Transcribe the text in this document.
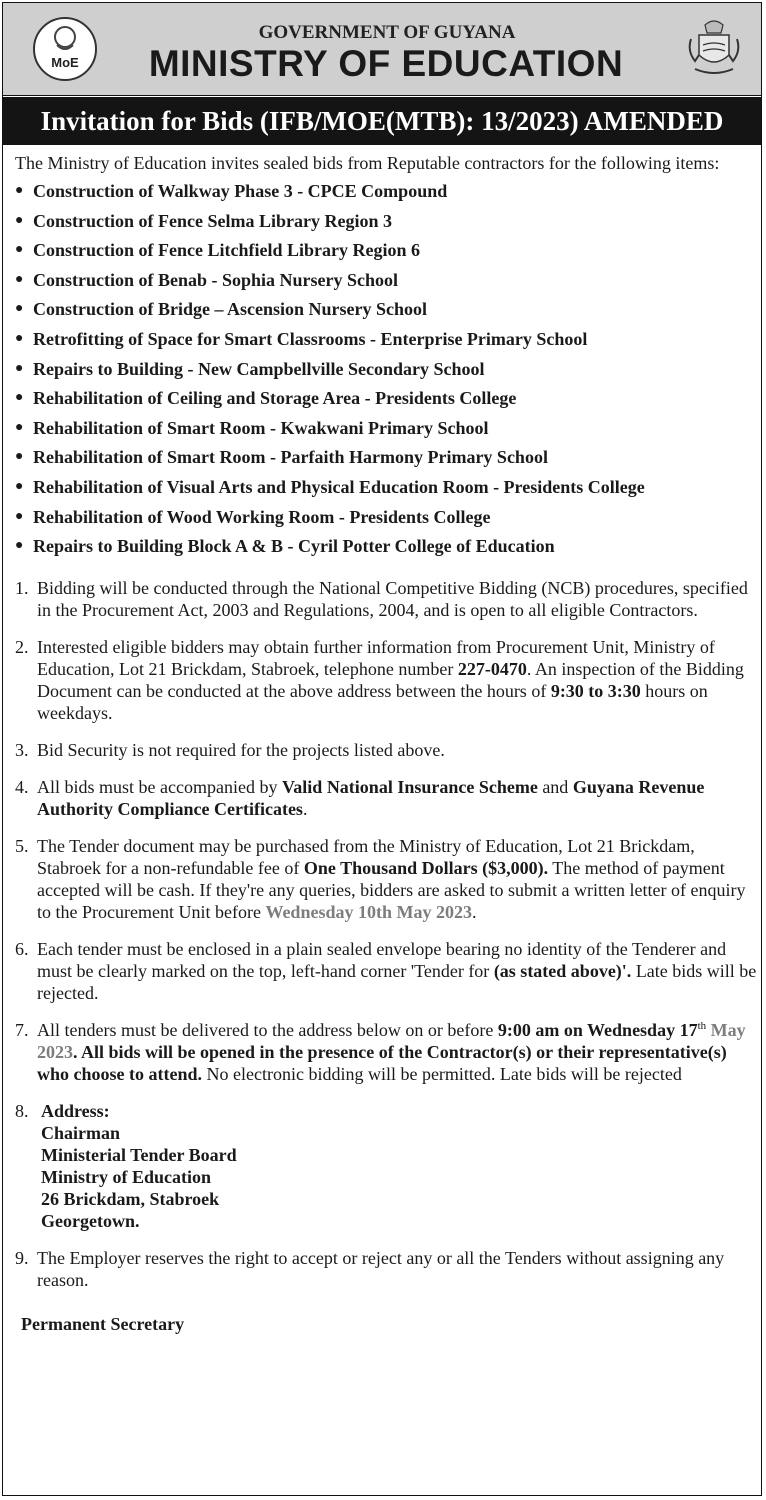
MoE
GOVERNMENT OF GUYANA
MINISTRY OF EDUCATION
Invitation for Bids (IFB/MOE(MTB): 13/2023) AMENDED

The Ministry of Education invites sealed bids from Reputable contractors for the following items:

● Construction of Walkway Phase 3 - CPCE Compound
● Construction of Fence Selma Library Region 3
● Construction of Fence Litchfield Library Region 6
● Construction of Benab - Sophia Nursery School
● Construction of Bridge – Ascension Nursery School
● Retrofitting of Space for Smart Classrooms - Enterprise Primary School
● Repairs to Building - New Campbellville Secondary School
● Rehabilitation of Ceiling and Storage Area - Presidents College
● Rehabilitation of Smart Room - Kwakwani Primary School
● Rehabilitation of Smart Room - Parfaith Harmony Primary School
● Rehabilitation of Visual Arts and Physical Education Room - Presidents College
● Rehabilitation of Wood Working Room - Presidents College
● Repairs to Building Block A & B - Cyril Potter College of Education
1. Bidding will be conducted through the National Competitive Bidding (NCB) procedures, specified in the Procurement Act, 2003 and Regulations, 2004, and is open to all eligible Contractors.
2. Interested eligible bidders may obtain further information from Procurement Unit, Ministry of Education, Lot 21 Brickdam, Stabroek, telephone number 227-0470. An inspection of the Bidding Document can be conducted at the above address between the hours of 9:30 to 3:30 hours on weekdays.
3. Bid Security is not required for the projects listed above.
4. All bids must be accompanied by Valid National Insurance Scheme and Guyana Revenue Authority Compliance Certificates.
5. The Tender document may be purchased from the Ministry of Education, Lot 21 Brickdam, Stabroek for a non-refundable fee of One Thousand Dollars ($3,000). The method of payment accepted will be cash. If they're any queries, bidders are asked to submit a written letter of enquiry to the Procurement Unit before Wednesday 10th May 2023.
6. Each tender must be enclosed in a plain sealed envelope bearing no identity of the Tenderer and must be clearly marked on the top, left-hand corner 'Tender for (as stated above)'. Late bids will be rejected.
7. All tenders must be delivered to the address below on or before 9:00 am on Wednesday 17th May 2023. All bids will be opened in the presence of the Contractor(s) or their representative(s) who choose to attend. No electronic bidding will be permitted. Late bids will be rejected
8. Address:
Chairman
Ministerial Tender Board
Ministry of Education
26 Brickdam, Stabroek
Georgetown.
9. The Employer reserves the right to accept or reject any or all the Tenders without assigning any reason.
Permanent Secretary
